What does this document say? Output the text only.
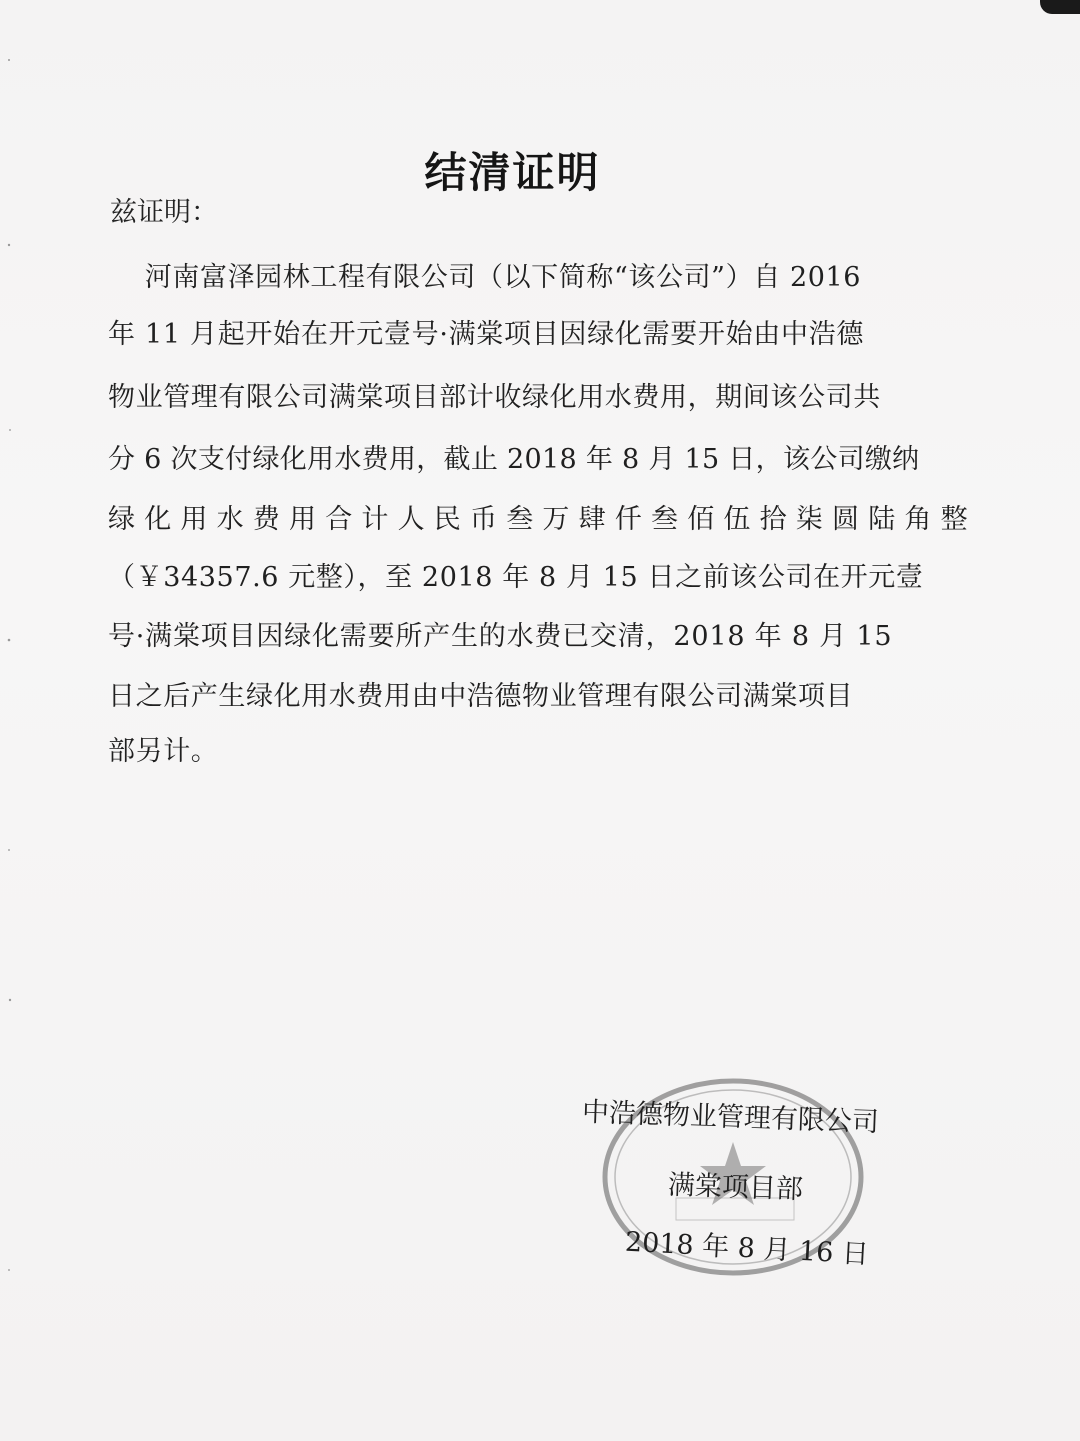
结清证明
兹证明：
　 河南富泽园林工程有限公司（以下简称“该公司”）自 2016
年 11 月起开始在开元壹号·满棠项目因绿化需要开始由中浩德
物业管理有限公司满棠项目部计收绿化用水费用，期间该公司共
分 6 次支付绿化用水费用，截止 2018 年 8 月 15 日，该公司缴纳
绿化用水费用合计人民币叁万肆仟叁佰伍拾柒圆陆角整
（￥34357.6 元整），至 2018 年 8 月 15 日之前该公司在开元壹
号·满棠项目因绿化需要所产生的水费已交清，2018 年 8 月 15
日之后产生绿化用水费用由中浩德物业管理有限公司满棠项目
部另计。
中浩德物业管理有限公司
满棠项目部
2018 年 8 月 16 日
